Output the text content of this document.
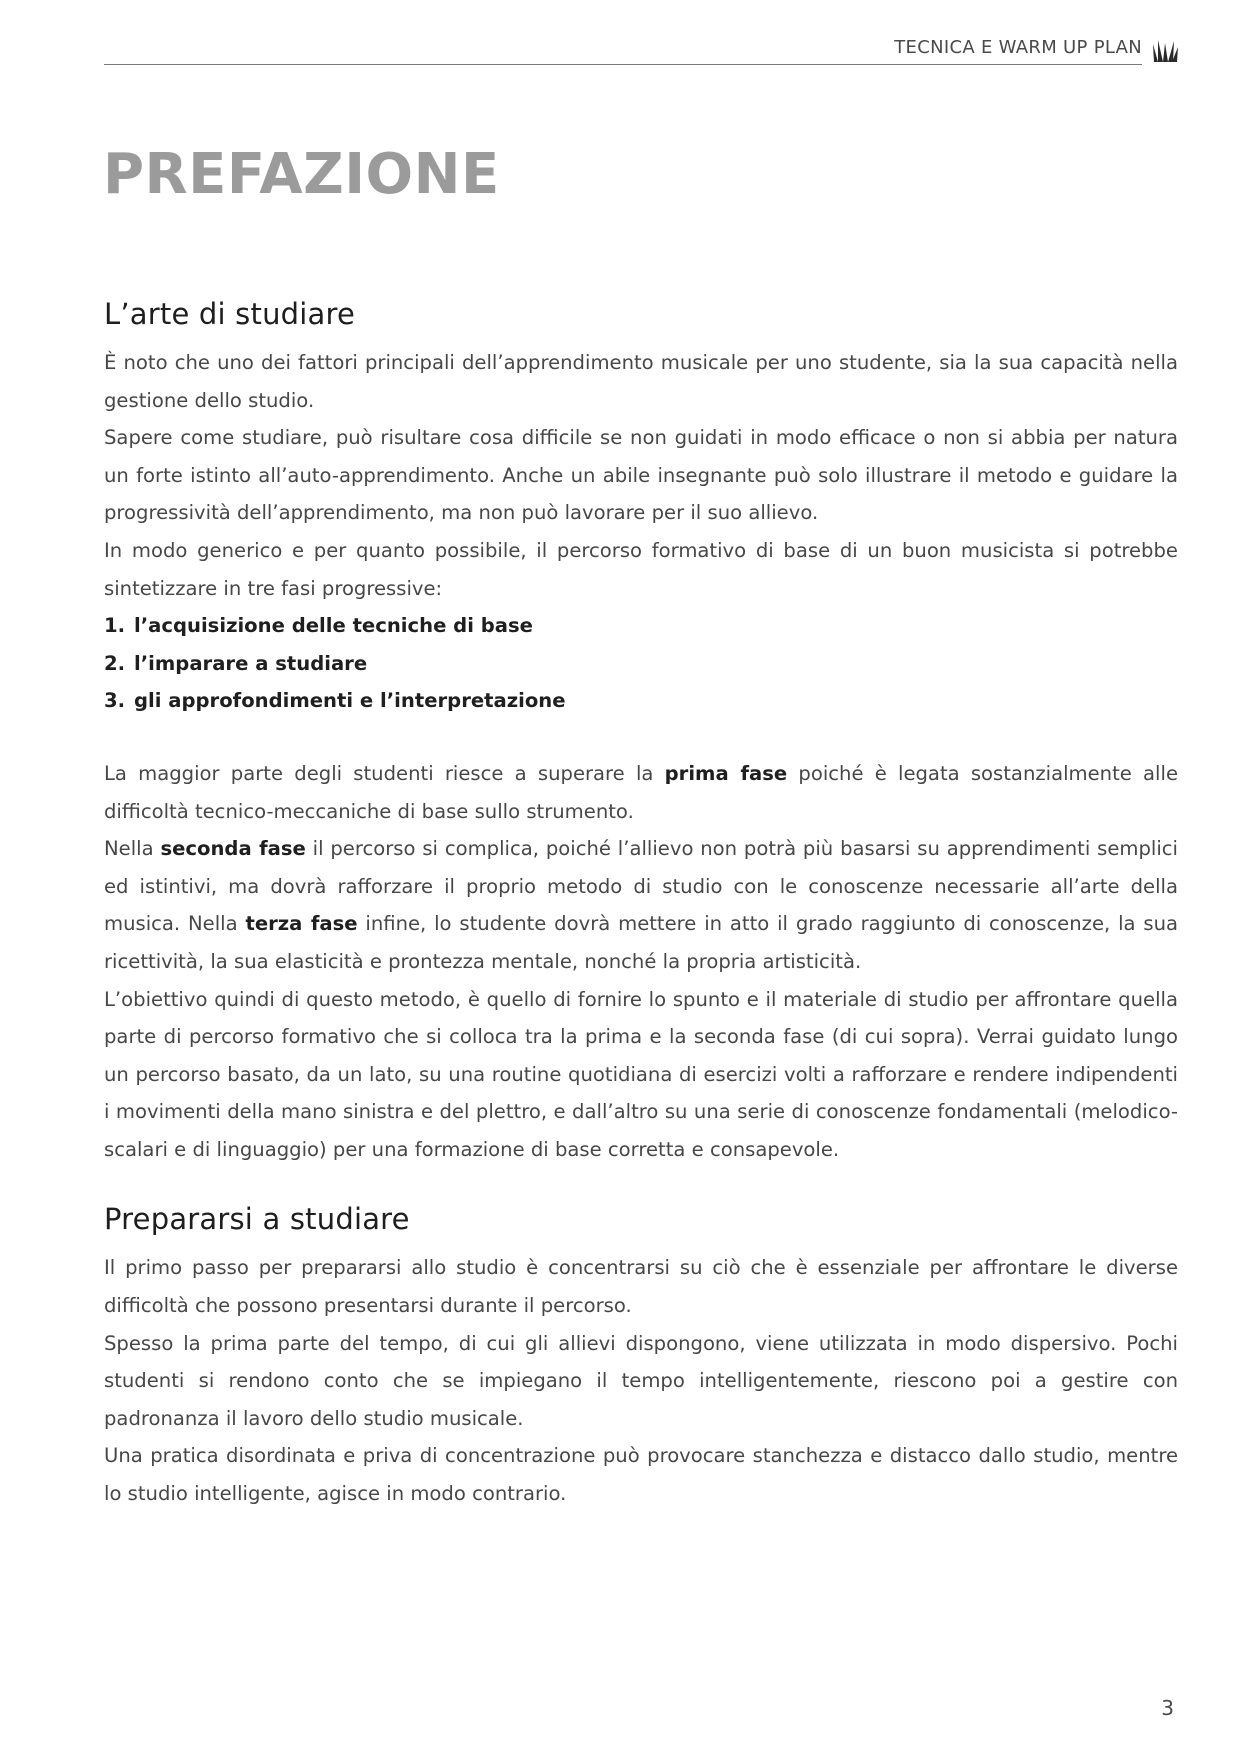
TECNICA E WARM UP PLAN
PREFAZIONE
L’arte di studiare

È noto che uno dei fattori principali dell’apprendimento musicale per uno studente, sia la sua capacità nella gestione dello studio.

Sapere come studiare, può risultare cosa difficile se non guidati in modo efficace o non si abbia per natura un forte istinto all’auto-apprendimento. Anche un abile insegnante può solo illustrare il metodo e guidare la progressività dell’apprendimento, ma non può lavorare per il suo allievo.

In modo generico e per quanto possibile, il percorso formativo di base di un buon musicista si potrebbe sintetizzare in tre fasi progressive:

1. l’acquisizione delle tecniche di base
2. l’imparare a studiare
3. gli approfondimenti e l’interpretazione

La maggior parte degli studenti riesce a superare la prima fase poiché è legata sostanzialmente alle difficoltà tecnico-meccaniche di base sullo strumento.

Nella seconda fase il percorso si complica, poiché l’allievo non potrà più basarsi su apprendimenti semplici ed istintivi, ma dovrà rafforzare il proprio metodo di studio con le conoscenze necessarie all’arte della musica. Nella terza fase infine, lo studente dovrà mettere in atto il grado raggiunto di conoscenze, la sua ricettività, la sua elasticità e prontezza mentale, nonché la propria artisticità.

L’obiettivo quindi di questo metodo, è quello di fornire lo spunto e il materiale di studio per affrontare quella parte di percorso formativo che si colloca tra la prima e la seconda fase (di cui sopra). Verrai guidato lungo un percorso basato, da un lato, su una routine quotidiana di esercizi volti a rafforzare e rendere indipendenti i movimenti della mano sinistra e del plettro, e dall’altro su una serie di conoscenze fondamentali (melodico-scalari e di linguaggio) per una formazione di base corretta e consapevole.

Prepararsi a studiare

Il primo passo per prepararsi allo studio è concentrarsi su ciò che è essenziale per affrontare le diverse difficoltà che possono presentarsi durante il percorso.

Spesso la prima parte del tempo, di cui gli allievi dispongono, viene utilizzata in modo dispersivo. Pochi studenti si rendono conto che se impiegano il tempo intelligentemente, riescono poi a gestire con padronanza il lavoro dello studio musicale.

Una pratica disordinata e priva di concentrazione può provocare stanchezza e distacco dallo studio, mentre lo studio intelligente, agisce in modo contrario.

3
